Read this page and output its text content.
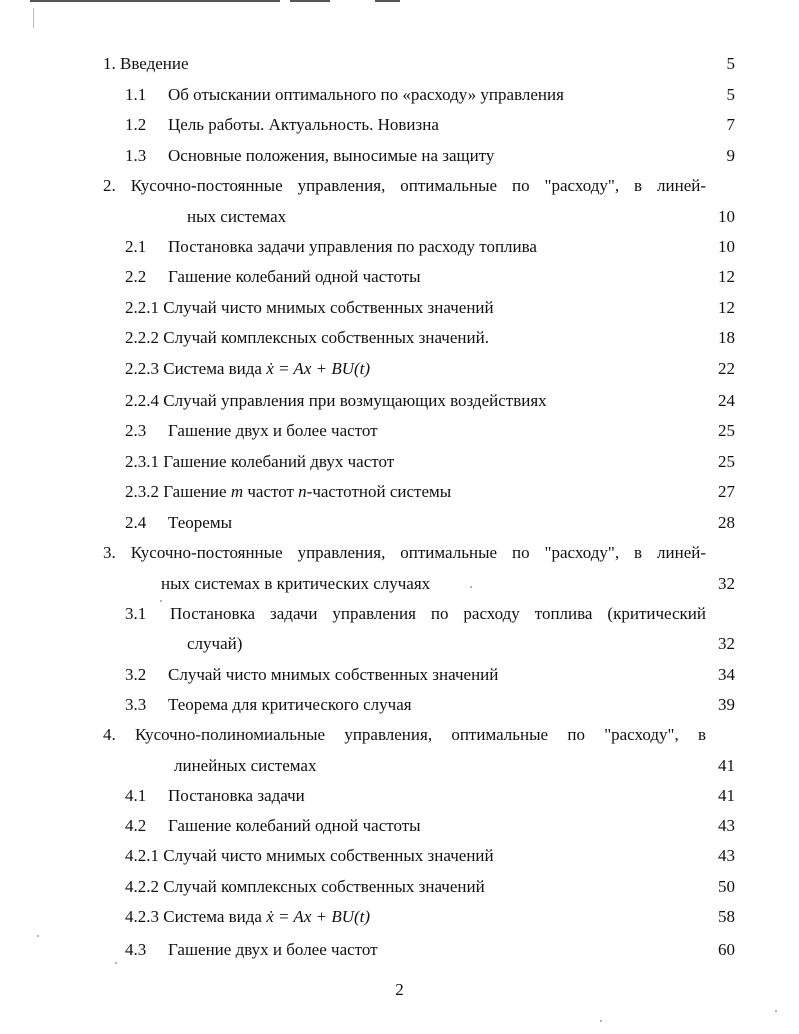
1. Введение	5
1.1 Об отыскании оптимального по «расходу» управления	5
1.2 Цель работы. Актуальность. Новизна	7
1.3 Основные положения, выносимые на защиту	9
2. Кусочно-постоянные управления, оптимальные по "расходу", в линей-
ных системах	10
2.1 Постановка задачи управления по расходу топлива	10
2.2 Гашение колебаний одной частоты	12
2.2.1 Случай чисто мнимых собственных значений	12
2.2.2 Случай комплексных собственных значений.	18
2.2.3 Система вида ẋ = Ax + BU(t)	22
2.2.4 Случай управления при возмущающих воздействиях	24
2.3 Гашение двух и более частот	25
2.3.1 Гашение колебаний двух частот	25
2.3.2 Гашение m частот n-частотной системы	27
2.4 Теоремы	28
3. Кусочно-постоянные управления, оптимальные по "расходу", в линей-
ных системах в критических случаях	32
3.1 Постановка задачи управления по расходу топлива (критический
случай)	32
3.2 Случай чисто мнимых собственных значений	34
3.3 Теорема для критического случая	39
4. Кусочно-полиномиальные управления, оптимальные по "расходу", в
линейных системах	41
4.1 Постановка задачи	41
4.2 Гашение колебаний одной частоты	43
4.2.1 Случай чисто мнимых собственных значений	43
4.2.2 Случай комплексных собственных значений	50
4.2.3 Система вида ẋ = Ax + BU(t)	58
4.3 Гашение двух и более частот	60
2
